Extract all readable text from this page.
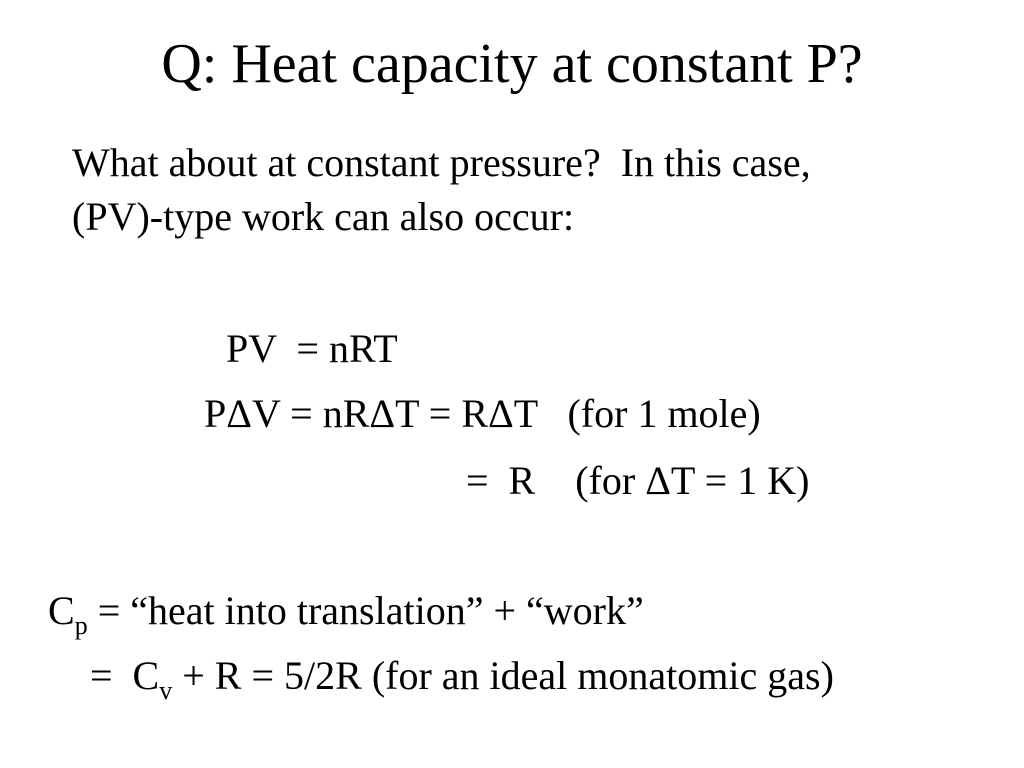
Q: Heat capacity at constant P?
What about at constant pressure?  In this case,
(PV)-type work can also occur:
PV  = nRT
PΔV = nRΔT = RΔT   (for 1 mole)
=  R    (for ΔT = 1 K)
$C_p$ = “heat into translation” + “work”
=  $C_v + R = 5/2R$ (for an ideal monatomic gas)
